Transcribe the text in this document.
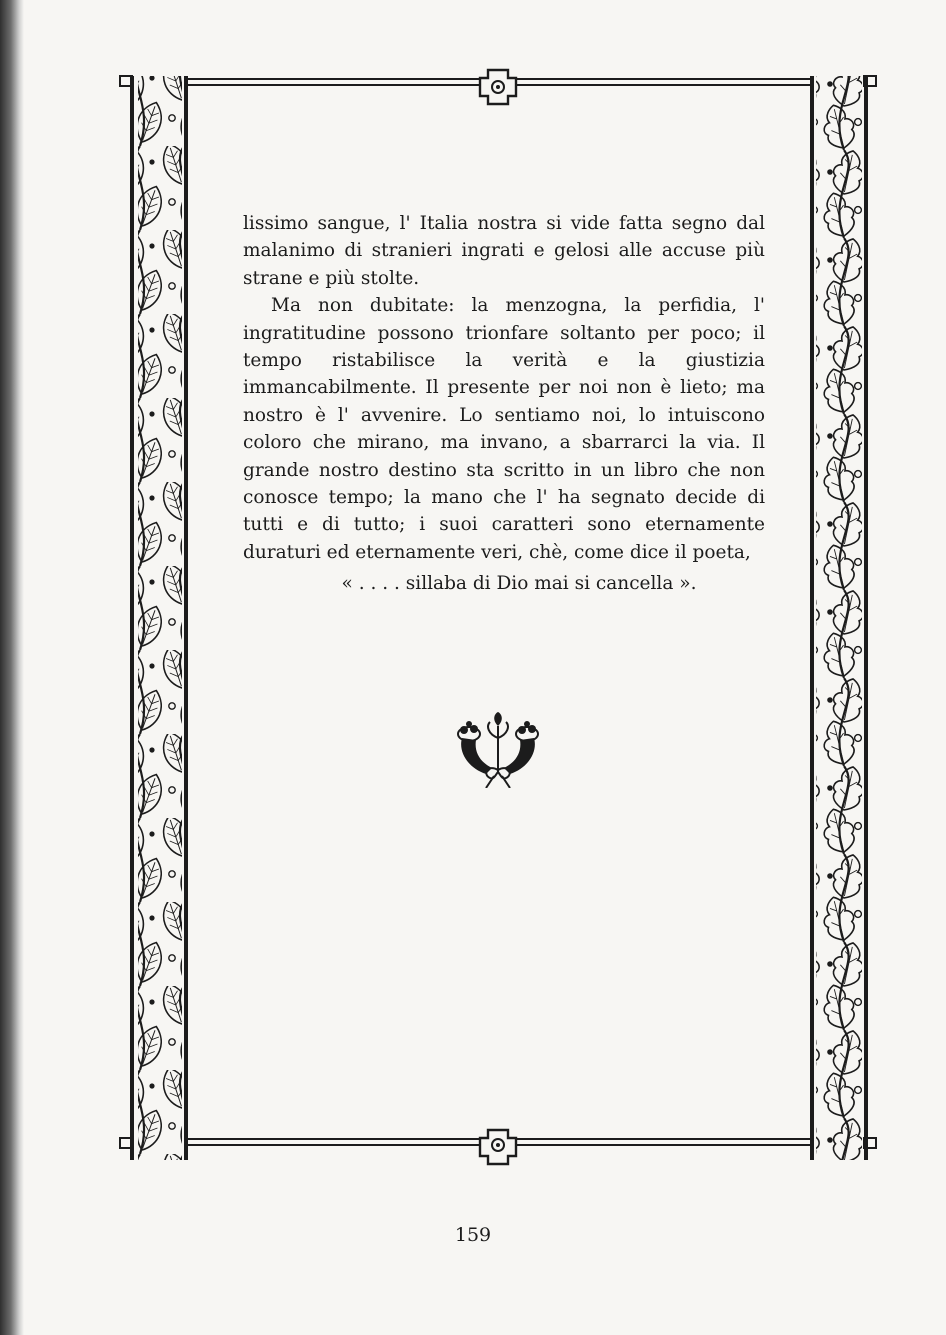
lissimo sangue, l' Italia nostra si vide fatta segno dal malanimo di stranieri ingrati e gelosi alle accuse più strane e più stolte.

Ma non dubitate: la menzogna, la perfidia, l' ingratitudine possono trionfare soltanto per poco; il tempo ristabilisce la verità e la giustizia immancabilmente. Il presente per noi non è lieto; ma nostro è l' avvenire. Lo sentiamo noi, lo intuiscono coloro che mirano, ma invano, a sbarrarci la via. Il grande nostro destino sta scritto in un libro che non conosce tempo; la mano che l' ha segnato decide di tutti e di tutto; i suoi caratteri sono eternamente duraturi ed eternamente veri, chè, come dice il poeta,

« . . . . sillaba di Dio mai si cancella ».

159
